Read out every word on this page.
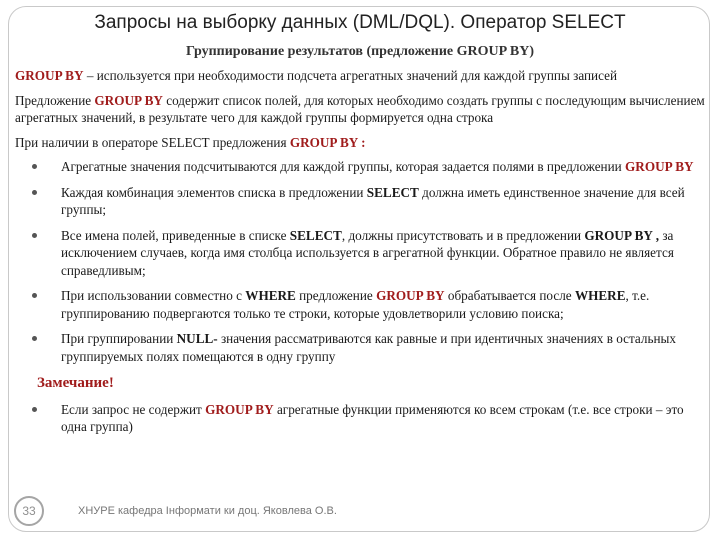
Запросы на выборку данных (DML/DQL). Оператор SELECT
Группирование результатов (предложение GROUP BY)

GROUP BY – используется при необходимости подсчета агрегатных значений для каждой группы записей

Предложение GROUP BY содержит список полей, для которых необходимо создать группы с последующим вычислением агрегатных значений, в результате чего для каждой группы формируется одна строка

При наличии в операторе SELECT предложения GROUP BY :

Агрегатные значения подсчитываются для каждой группы, которая задается полями в предложении GROUP BY
Каждая комбинация элементов списка в предложении SELECT должна иметь единственное значение для всей группы;
Все имена полей, приведенные в списке SELECT, должны присутствовать и в предложении GROUP BY , за исключением случаев, когда имя столбца используется в агрегатной функции. Обратное правило не является справедливым;
При использовании совместно с WHERE предложение GROUP BY обрабатывается после WHERE, т.е. группированию подвергаются только те строки, которые удовлетворили условию поиска;
При группировании NULL- значения рассматриваются как равные и при идентичных значениях в остальных группируемых полях помещаются в одну группу
Замечание!
Если запрос не содержит GROUP BY агрегатные функции применяются ко всем строкам (т.е. все строки – это одна группа)
33	ХНУРЕ кафедра Інформати ки доц. Яковлева О.В.
